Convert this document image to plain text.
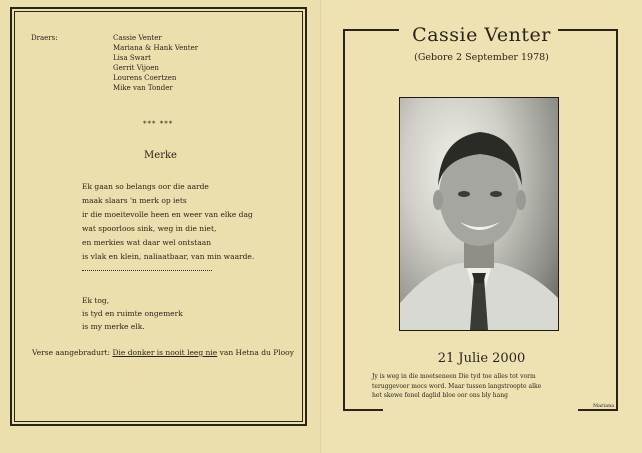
Draers:	Cassie Venter
Mariana & Hank Venter
Lisa Swart
Gerrit Vijoen
Lourens Coertzen
Mike van Tonder
*** ***
Merke
Ek gaan so belangs oor die aarde
maak slaars 'n merk op iets
ir die moeitevolle heen en weer van elke dag
wat spoorloos sink, weg in die niet,
en merkies wat daar wel ontstaan
is vlak en klein, naliaatbaar, van min waarde.
Ek tog,
is tyd en ruimte ongemerk
is my merke elk.
Verse aangebradurt: Die donker is nooit leeg nie van Hetna du Plooy
Cassie Venter
(Gebore 2 September 1978)
21 Julie 2000
Jy is weg in die moetseneen Die tyd toe alles tot vorm
teruggevoer mocs word. Maar tussen langstroopte alke
het skewe fenel daglid bloe oor ons bly hang
Mariana
